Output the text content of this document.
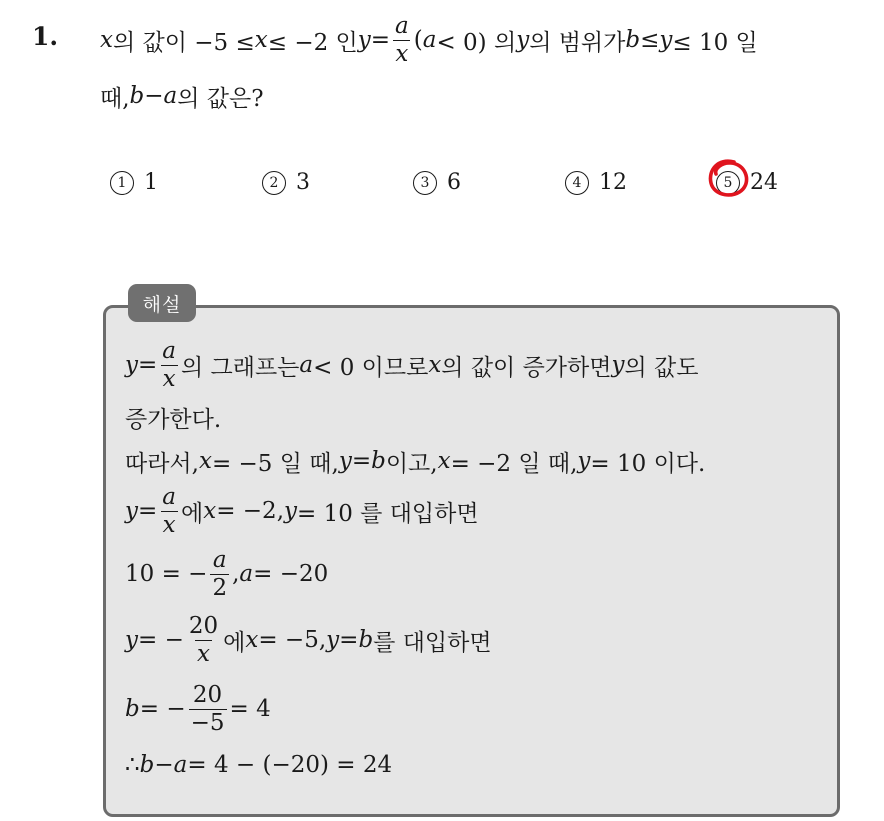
1. x 의 값이 −5 ≤ x ≤ −2 인 $y = \frac{a}{x}$ ( a < 0) 의 y 의 범위가 b ≤ y ≤ 10 일
때, b − a 의 값은?
1 1	2 3	3 6	4 12	5 24
해설
$y = \frac{a}{x}$ 의 그래프는 a < 0 이므로 x 의 값이 증가하면 y 의 값도
증가한다.
따라서, x = −5 일 때, y = b 이고, x = −2 일 때, y = 10 이다.
$y = \frac{a}{x}$ 에 x = −2, y = 10 를 대입하면
10 = − $\frac{a}{2}$ , a = −20
y = − $\frac{20}{x}$ 에 x = −5, y = b 를 대입하면
b = − $\frac{20}{-5} = 4$
∴ b − a = 4 − (−20) = 24
